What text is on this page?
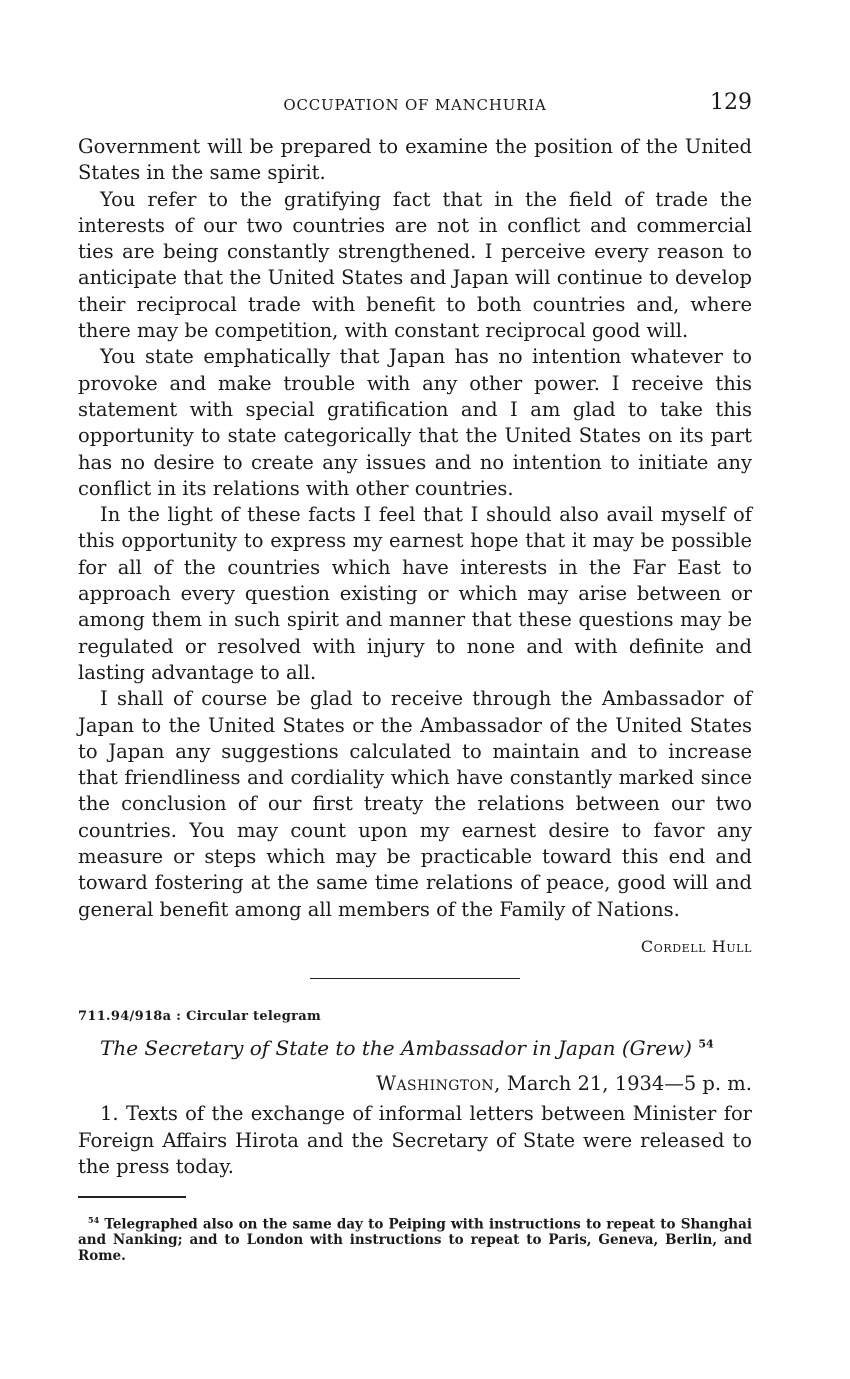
OCCUPATION OF MANCHURIA	129

Government will be prepared to examine the position of the United States in the same spirit.

You refer to the gratifying fact that in the field of trade the interests of our two countries are not in conflict and commercial ties are being constantly strengthened. I perceive every reason to anticipate that the United States and Japan will continue to develop their reciprocal trade with benefit to both countries and, where there may be competition, with constant reciprocal good will.

You state emphatically that Japan has no intention whatever to provoke and make trouble with any other power. I receive this statement with special gratification and I am glad to take this opportunity to state categorically that the United States on its part has no desire to create any issues and no intention to initiate any conflict in its relations with other countries.

In the light of these facts I feel that I should also avail myself of this opportunity to express my earnest hope that it may be possible for all of the countries which have interests in the Far East to approach every question existing or which may arise between or among them in such spirit and manner that these questions may be regulated or resolved with injury to none and with definite and lasting advantage to all.

I shall of course be glad to receive through the Ambassador of Japan to the United States or the Ambassador of the United States to Japan any suggestions calculated to maintain and to increase that friendliness and cordiality which have constantly marked since the conclusion of our first treaty the relations between our two countries. You may count upon my earnest desire to favor any measure or steps which may be practicable toward this end and toward fostering at the same time relations of peace, good will and general benefit among all members of the Family of Nations.

Cordell Hull
711.94/918a : Circular telegram
The Secretary of State to the Ambassador in Japan (Grew) $^{54}$
Washington, March 21, 1934—5 p. m.

1. Texts of the exchange of informal letters between Minister for Foreign Affairs Hirota and the Secretary of State were released to the press today.

$^{54}$ Telegraphed also on the same day to Peiping with instructions to repeat to Shanghai and Nanking; and to London with instructions to repeat to Paris, Geneva, Berlin, and Rome.
